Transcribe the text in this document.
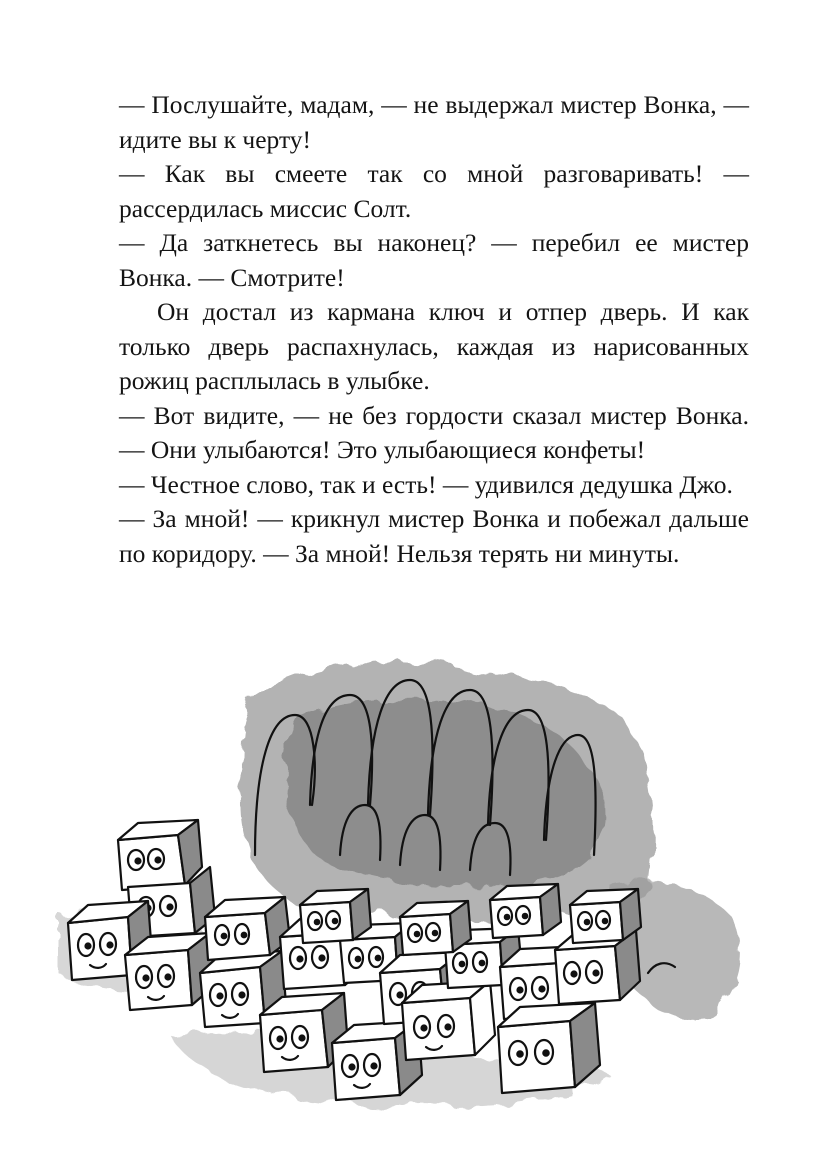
— Послушайте, мадам, — не выдержал мистер Вонка, — идите вы к черту!

— Как вы смеете так со мной разговаривать! — рассердилась миссис Солт.

— Да заткнетесь вы наконец? — перебил ее мистер Вонка. — Смотрите!

Он достал из кармана ключ и отпер дверь. И как только дверь распахнулась, каждая из нарисованных рожиц расплылась в улыбке.

— Вот видите, — не без гордости сказал мистер Вонка. — Они улыбаются! Это улыбающиеся конфеты!

— Честное слово, так и есть! — удивился дедушка Джо.

— За мной! — крикнул мистер Вонка и побежал дальше по коридору. — За мной! Нельзя терять ни минуты.
